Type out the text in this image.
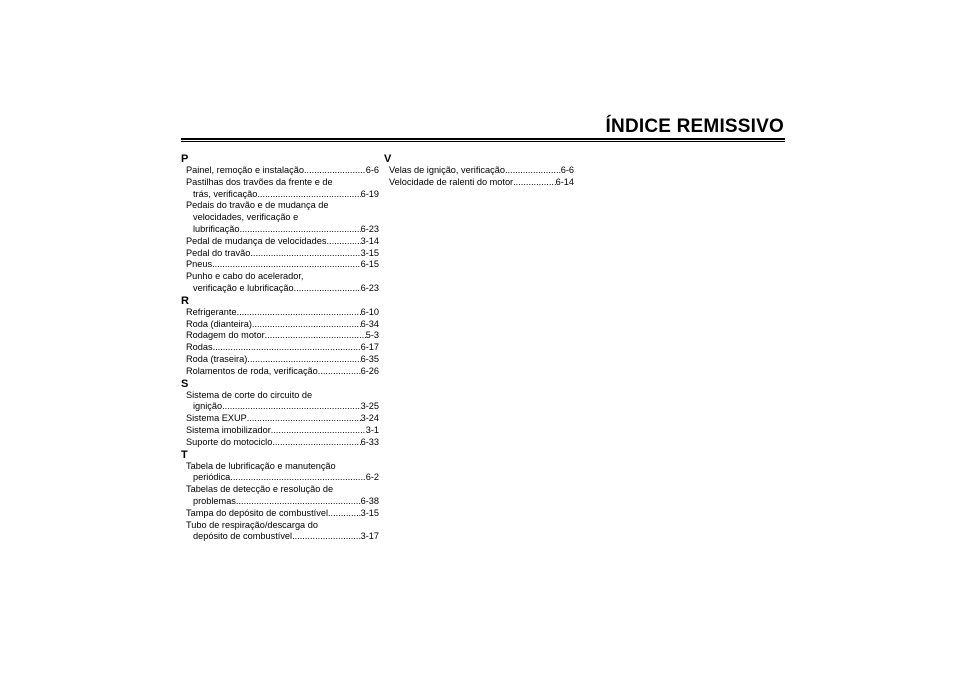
ÍNDICE REMISSIVO
P
Painel, remoção e instalação .....	6-6
Pastilhas dos travões da frente e de
trás, verificação .....	6-19
Pedais do travão e de mudança de
velocidades, verificação e
lubrificação .....	6-23
Pedal de mudança de velocidades .....	3-14
Pedal do travão .....	3-15
Pneus .....	6-15
Punho e cabo do acelerador,
verificação e lubrificação .....	6-23
R
Refrigerante .....	6-10
Roda (dianteira) .....	6-34
Rodagem do motor .....	5-3
Rodas .....	6-17
Roda (traseira) .....	6-35
Rolamentos de roda, verificação .....	6-26
S
Sistema de corte do circuito de
ignição .....	3-25
Sistema EXUP .....	3-24
Sistema imobilizador .....	3-1
Suporte do motociclo .....	6-33
T
Tabela de lubrificação e manutenção
periódica .....	6-2
Tabelas de detecção e resolução de
problemas .....	6-38
Tampa do depósito de combustível .....	3-15
Tubo de respiração/descarga do
depósito de combustível .....	3-17
V
Velas de ignição, verificação .....	6-6
Velocidade de ralenti do motor .....	6-14
